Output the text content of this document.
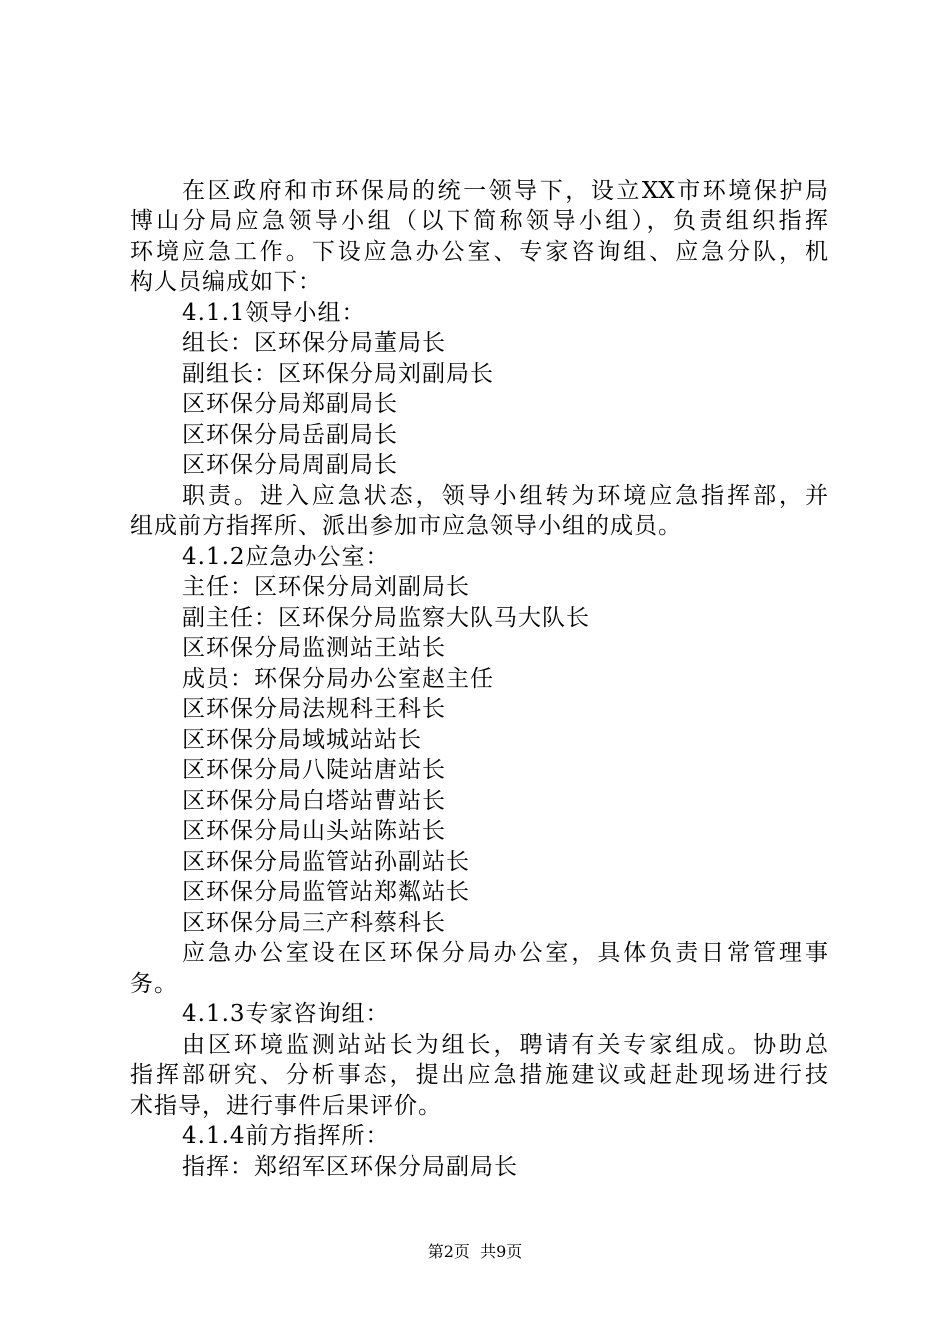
在区政府和市环保局的统一领导下，设立XX市环境保护局
博山分局应急领导小组（以下简称领导小组），负责组织指挥
环境应急工作。下设应急办公室、专家咨询组、应急分队，机
构人员编成如下：
4.1.1领导小组：
组长：区环保分局董局长
副组长：区环保分局刘副局长
区环保分局郑副局长
区环保分局岳副局长
区环保分局周副局长
职责。进入应急状态，领导小组转为环境应急指挥部，并
组成前方指挥所、派出参加市应急领导小组的成员。
4.1.2应急办公室：
主任：区环保分局刘副局长
副主任：区环保分局监察大队马大队长
区环保分局监测站王站长
成员：环保分局办公室赵主任
区环保分局法规科王科长
区环保分局域城站站长
区环保分局八陡站唐站长
区环保分局白塔站曹站长
区环保分局山头站陈站长
区环保分局监管站孙副站长
区环保分局监管站郑粼站长
区环保分局三产科蔡科长
应急办公室设在区环保分局办公室，具体负责日常管理事
务。
4.1.3专家咨询组：
由区环境监测站站长为组长，聘请有关专家组成。协助总
指挥部研究、分析事态，提出应急措施建议或赶赴现场进行技
术指导，进行事件后果评价。
4.1.4前方指挥所：
指挥：郑绍军区环保分局副局长
第2页  共9页
